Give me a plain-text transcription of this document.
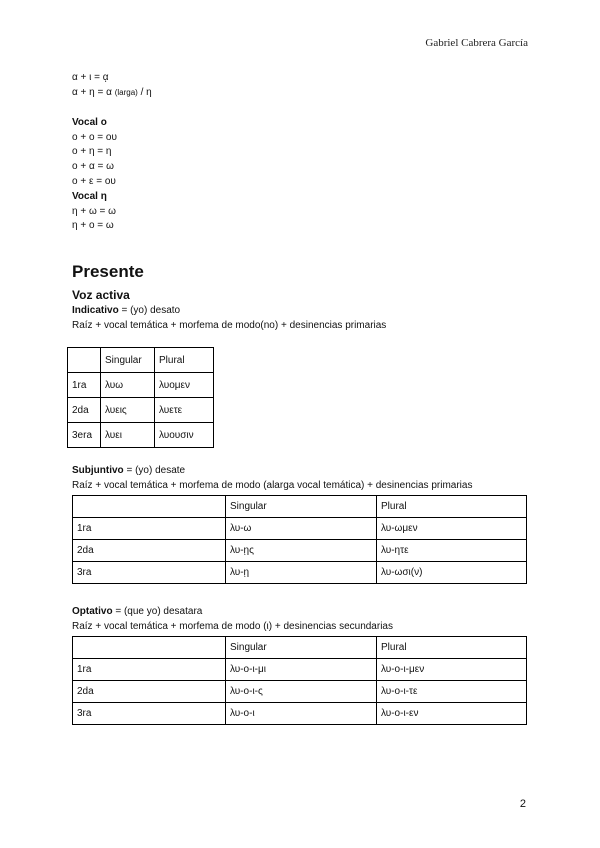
Gabriel Cabrera García
α + ι = ᾳ
α + η = α (larga) / η
Vocal ο
ο + ο = ου
ο + η = η
ο + α = ω
ο + ε = ου
Vocal η
η + ω = ω
η + ο = ω
Presente
Voz activa
Indicativo = (yo) desato
Raíz + vocal temática + morfema de modo(no) + desinencias primarias
	Singular	Plural
1ra	λυω	λυομεν
2da	λυεις	λυετε
3era	λυει	λυουσιν
Subjuntivo = (yo) desate
Raíz + vocal temática + morfema de modo (alarga vocal temática) + desinencias primarias
	Singular	Plural
1ra	λυ-ω	λυ-ωμεν
2da	λυ-ῃς	λυ-ητε
3ra	λυ-ῃ	λυ-ωσι(ν)
Optativo = (que yo) desatara
Raíz + vocal temática + morfema de modo (ι) + desinencias secundarias
	Singular	Plural
1ra	λυ-ο-ι-μι	λυ-ο-ι-μεν
2da	λυ-ο-ι-ς	λυ-ο-ι-τε
3ra	λυ-ο-ι	λυ-ο-ι-εν
2
